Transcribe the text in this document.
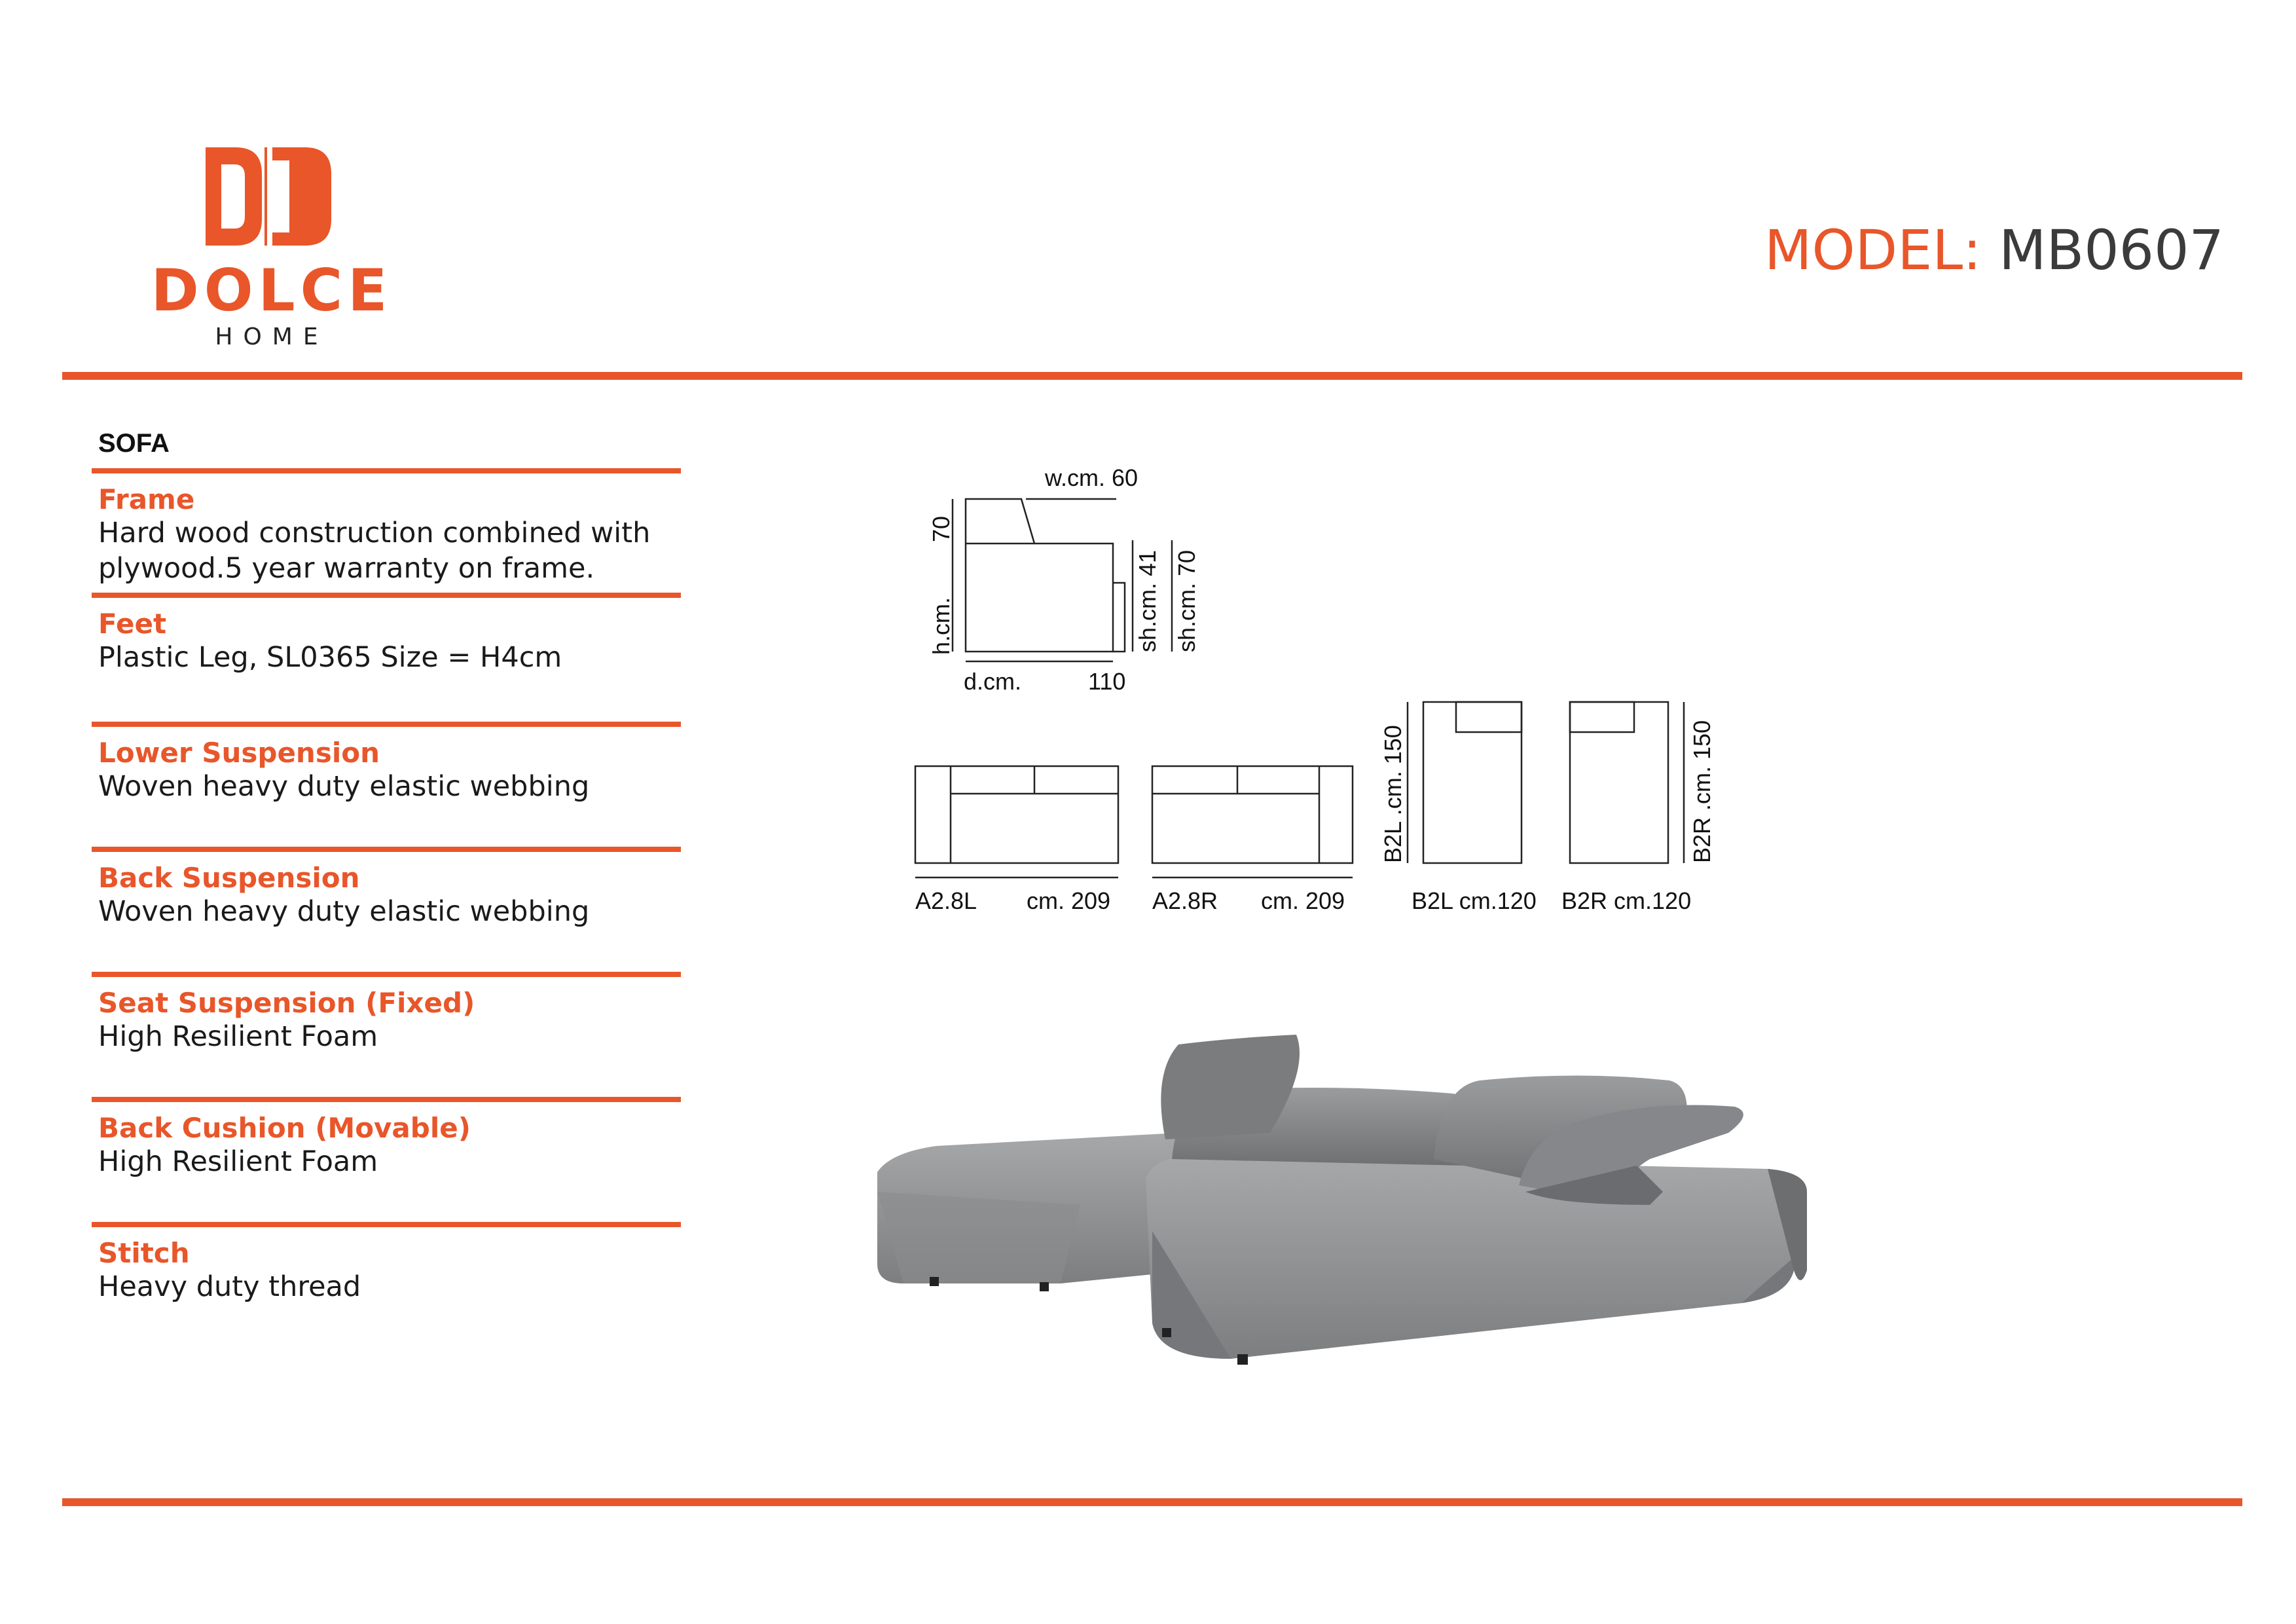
DOLCE
HOME
MODEL: MB0607
SOFA
Frame
Hard wood construction combined with plywood.5 year warranty on frame.
Feet
Plastic Leg, SL0365 Size = H4cm
Lower Suspension
Woven heavy duty elastic webbing
Back Suspension
Woven heavy duty elastic webbing
Seat Suspension (Fixed)
High Resilient Foam
Back Cushion (Movable)
High Resilient Foam
Stitch
Heavy duty thread
w.cm. 60
70
h.cm.	sh.cm. 41 sh.cm. 70
d.cm.	110
A2.8L cm. 209 A2.8R cm. 209	B2L cm.120 B2R cm.120
B2L .cm. 150	B2R .cm. 150
